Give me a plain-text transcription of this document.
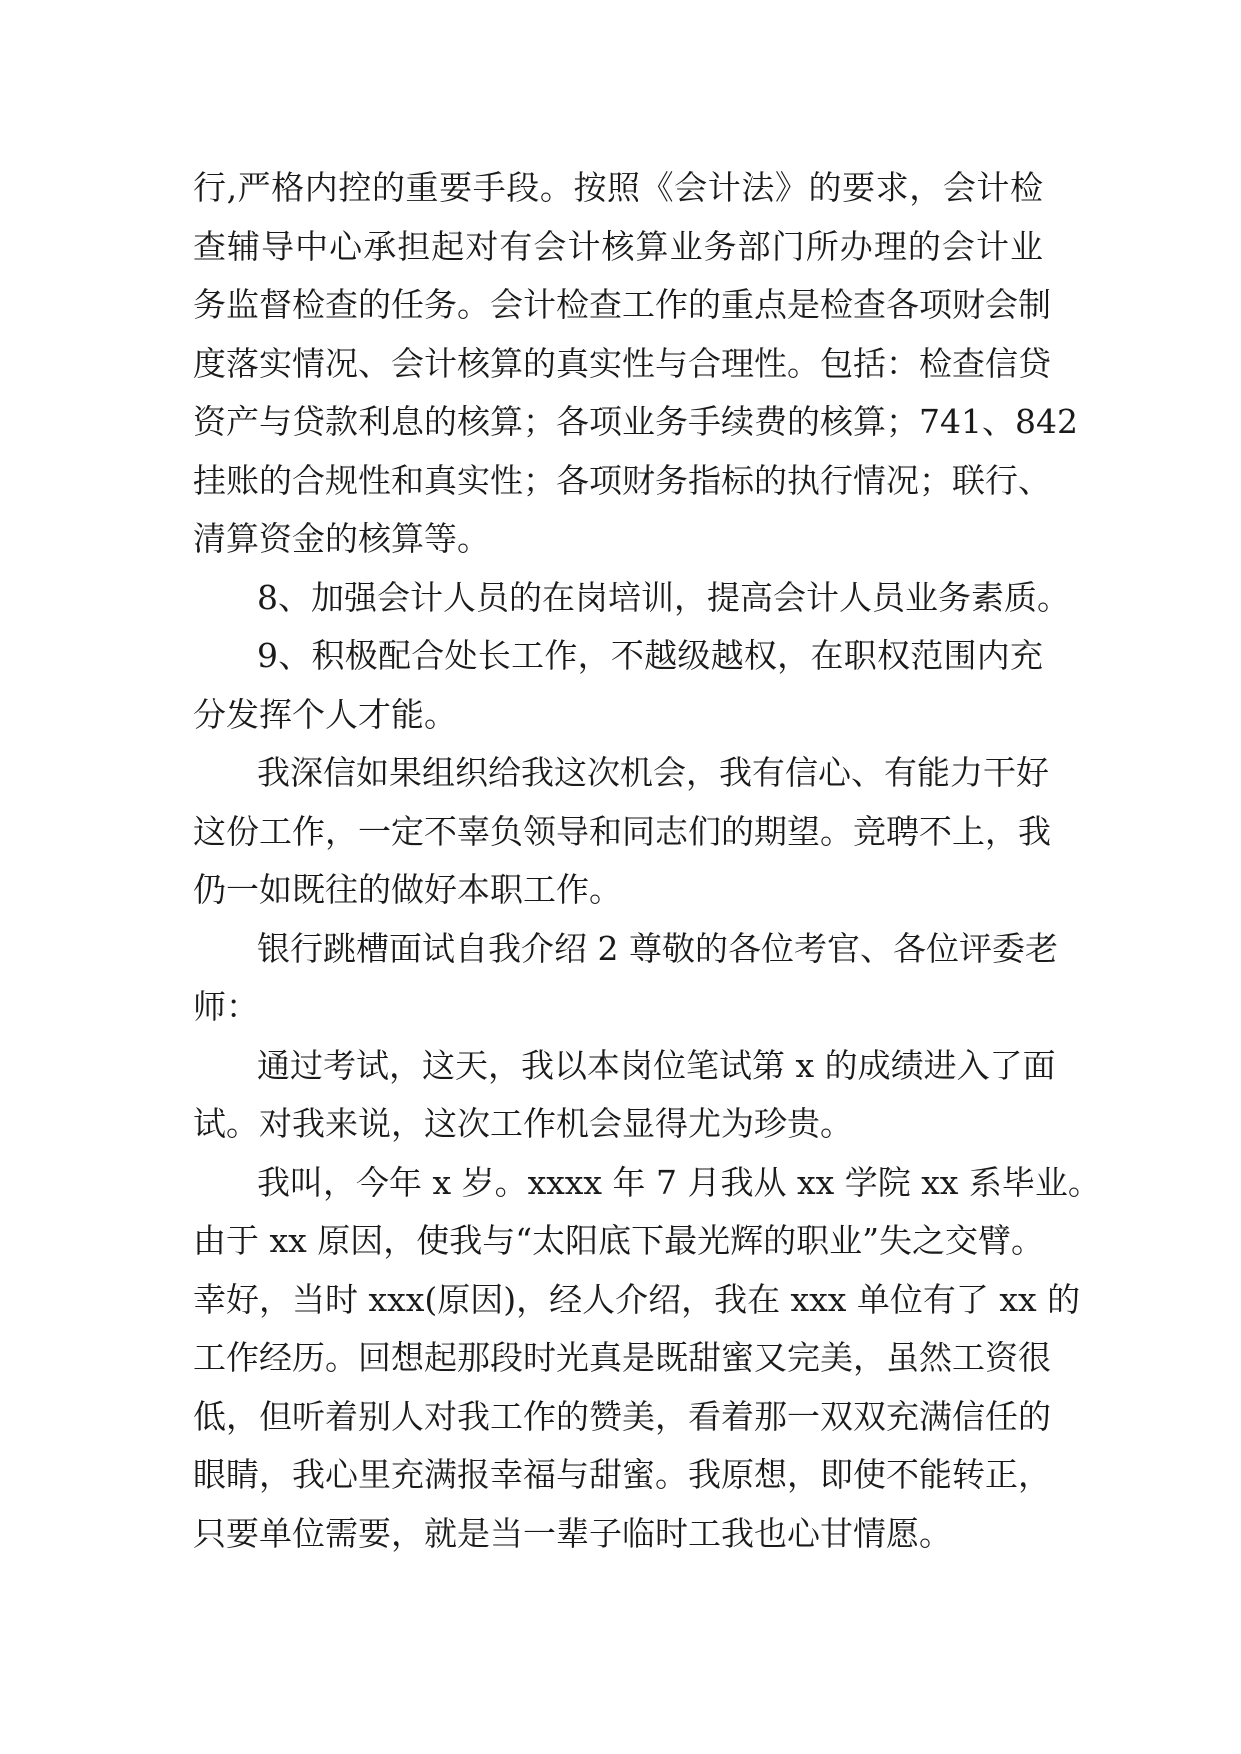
行,严格内控的重要手段。按照《会计法》的要求，会计检
查辅导中心承担起对有会计核算业务部门所办理的会计业
务监督检查的任务。会计检查工作的重点是检查各项财会制
度落实情况、会计核算的真实性与合理性。包括：检查信贷
资产与贷款利息的核算；各项业务手续费的核算；741、842
挂账的合规性和真实性；各项财务指标的执行情况；联行、
清算资金的核算等。
8、加强会计人员的在岗培训，提高会计人员业务素质。
9、积极配合处长工作，不越级越权，在职权范围内充
分发挥个人才能。
我深信如果组织给我这次机会，我有信心、有能力干好
这份工作，一定不辜负领导和同志们的期望。竞聘不上，我
仍一如既往的做好本职工作。
银行跳槽面试自我介绍 2 尊敬的各位考官、各位评委老
师：
通过考试，这天，我以本岗位笔试第 x 的成绩进入了面
试。对我来说，这次工作机会显得尤为珍贵。
我叫，今年 x 岁。xxxx 年 7 月我从 xx 学院 xx 系毕业。
由于 xx 原因，使我与“太阳底下最光辉的职业”失之交臂。
幸好，当时 xxx(原因)，经人介绍，我在 xxx 单位有了 xx 的
工作经历。回想起那段时光真是既甜蜜又完美，虽然工资很
低，但听着别人对我工作的赞美，看着那一双双充满信任的
眼睛，我心里充满报幸福与甜蜜。我原想，即使不能转正，
只要单位需要，就是当一辈子临时工我也心甘情愿。
